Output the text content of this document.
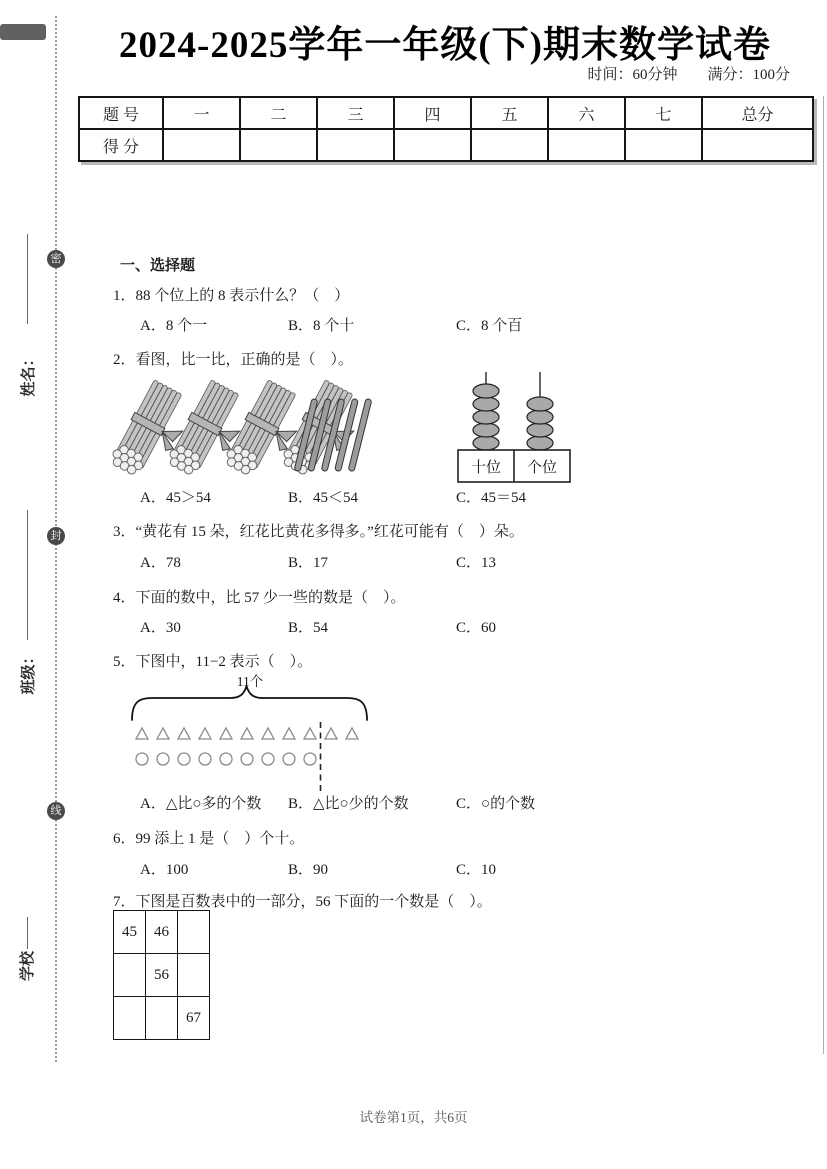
密
封
线
姓名：
班级：
学校
2024-2025学年一年级(下)期末数学试卷
时间：60分钟　　满分：100分
题 号	一	二	三	四	五	六	七	总分
得 分								
一、选择题
1．88 个位上的 8 表示什么？（　）
A．8 个一	B．8 个十	C．8 个百
2．看图，比一比，正确的是（　）。
十位 个位
A．45＞54	B．45＜54	C．45＝54
3．“黄花有 15 朵，红花比黄花多得多。”红花可能有（　）朵。
A．78	B．17	C．13
4．下面的数中，比 57 少一些的数是（　）。
A．30	B．54	C．60
5．下图中，11−2 表示（　）。
11个
A．△比○多的个数 B．△比○少的个数	C．○的个数
6．99 添上 1 是（　）个十。
A．100	B．90	C．10
7．下图是百数表中的一部分，56 下面的一个数是（　）。
45	46	
	56	
		67
试卷第1页，共6页
